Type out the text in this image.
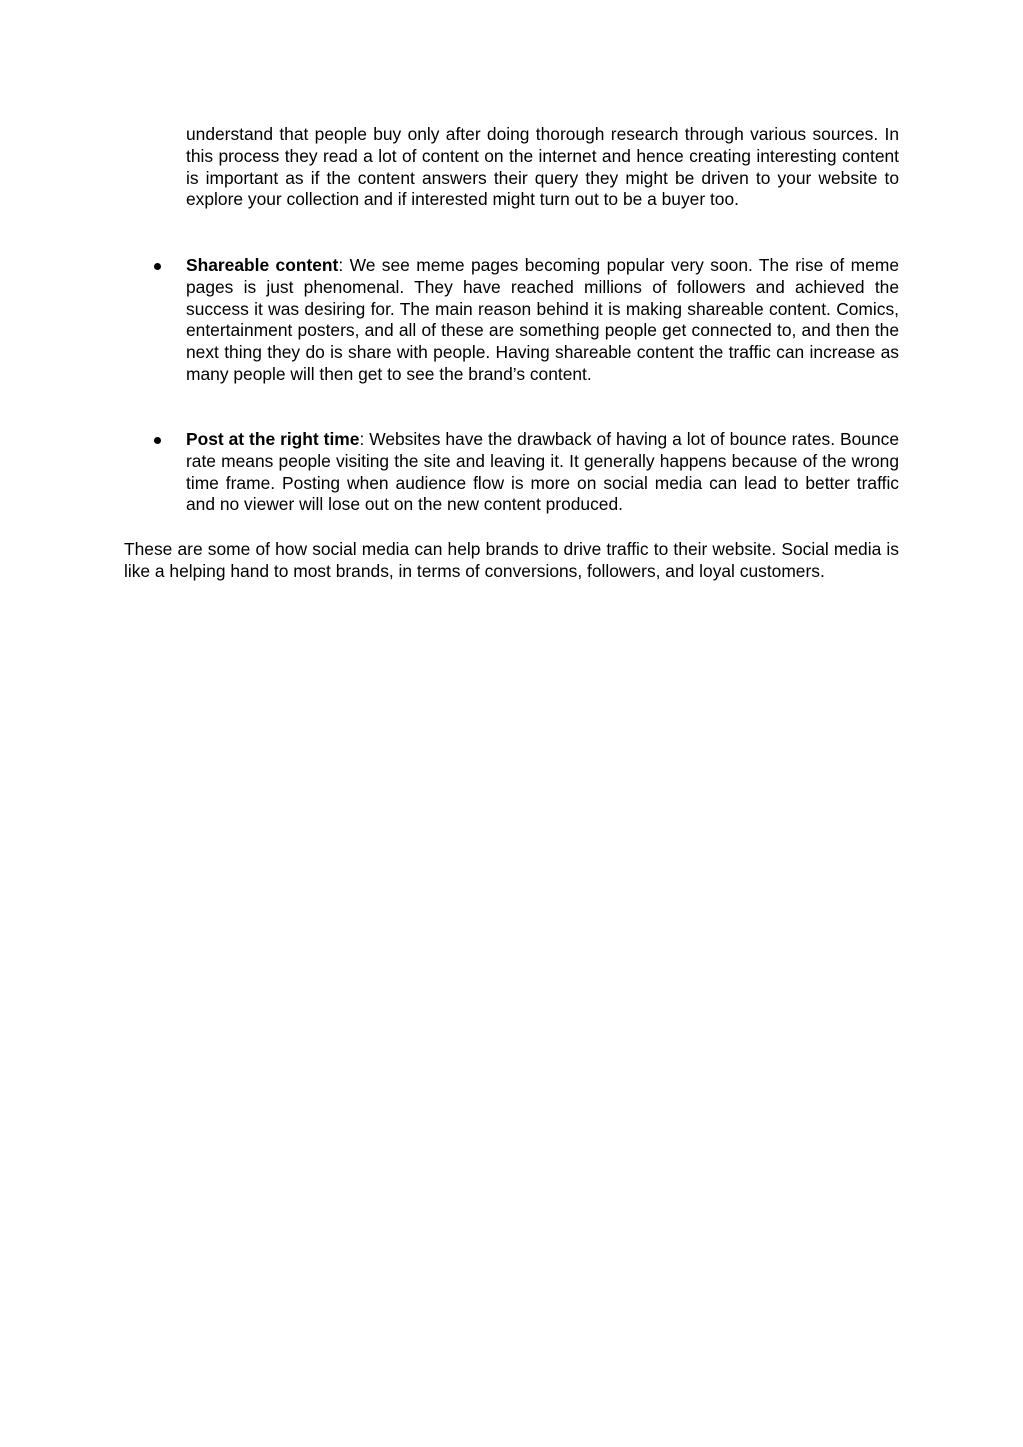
understand that people buy only after doing thorough research through various sources. In this process they read a lot of content on the internet and hence creating interesting content is important as if the content answers their query they might be driven to your website to explore your collection and if interested might turn out to be a buyer too.

Shareable content: We see meme pages becoming popular very soon. The rise of meme pages is just phenomenal. They have reached millions of followers and achieved the success it was desiring for. The main reason behind it is making shareable content. Comics, entertainment posters, and all of these are something people get connected to, and then the next thing they do is share with people. Having shareable content the traffic can increase as many people will then get to see the brand’s content.

Post at the right time: Websites have the drawback of having a lot of bounce rates. Bounce rate means people visiting the site and leaving it. It generally happens because of the wrong time frame. Posting when audience flow is more on social media can lead to better traffic and no viewer will lose out on the new content produced.

These are some of how social media can help brands to drive traffic to their website. Social media is like a helping hand to most brands, in terms of conversions, followers, and loyal customers.
